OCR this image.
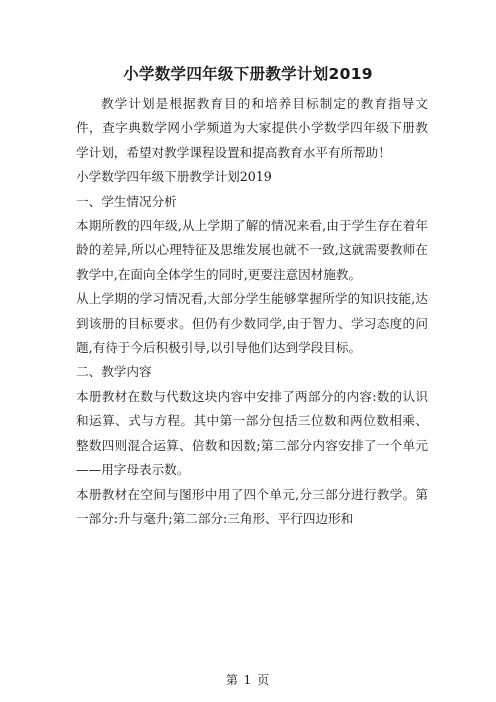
小学数学四年级下册教学计划2019

教学计划是根据教育目的和培养目标制定的教育指导文件，查字典数学网小学频道为大家提供小学数学四年级下册教学计划，希望对教学课程设置和提高教育水平有所帮助！

小学数学四年级下册教学计划2019

一、学生情况分析

本期所教的四年级,从上学期了解的情况来看,由于学生存在着年龄的差异,所以心理特征及思维发展也就不一致,这就需要教师在教学中,在面向全体学生的同时,更要注意因材施教。

从上学期的学习情况看,大部分学生能够掌握所学的知识技能,达到该册的目标要求。但仍有少数同学,由于智力、学习态度的问题,有待于今后积极引导,以引导他们达到学段目标。

二、教学内容

本册教材在数与代数这块内容中安排了两部分的内容:数的认识和运算、式与方程。其中第一部分包括三位数和两位数相乘、整数四则混合运算、倍数和因数;第二部分内容安排了一个单元——用字母表示数。

本册教材在空间与图形中用了四个单元,分三部分进行教学。第一部分:升与毫升;第二部分:三角形、平行四边形和

第 1 页
